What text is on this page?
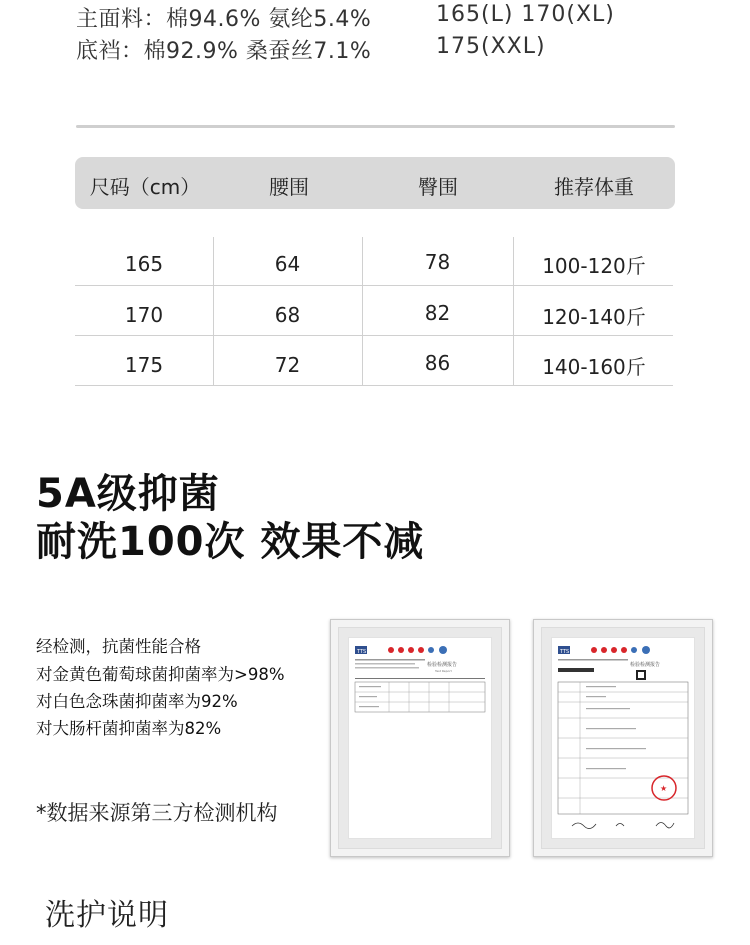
主面料：棉94.6% 氨纶5.4%
底裆：棉92.9% 桑蚕丝7.1%
165(L) 170(XL)
175(XXL)
尺码（cm）	腰围	臀围	推荐体重
165	64	78	100-120斤
170	68	82	120-140斤
175	72	86	140-160斤
5A级抑菌
耐洗100次 效果不减
经检测，抗菌性能合格
对金黄色葡萄球菌抑菌率为>98%
对白色念珠菌抑菌率为92%
对大肠杆菌抑菌率为82%
*数据来源第三方检测机构
TTS
检验检测报告
Test Report
TTS
检验检测报告
★
洗护说明
